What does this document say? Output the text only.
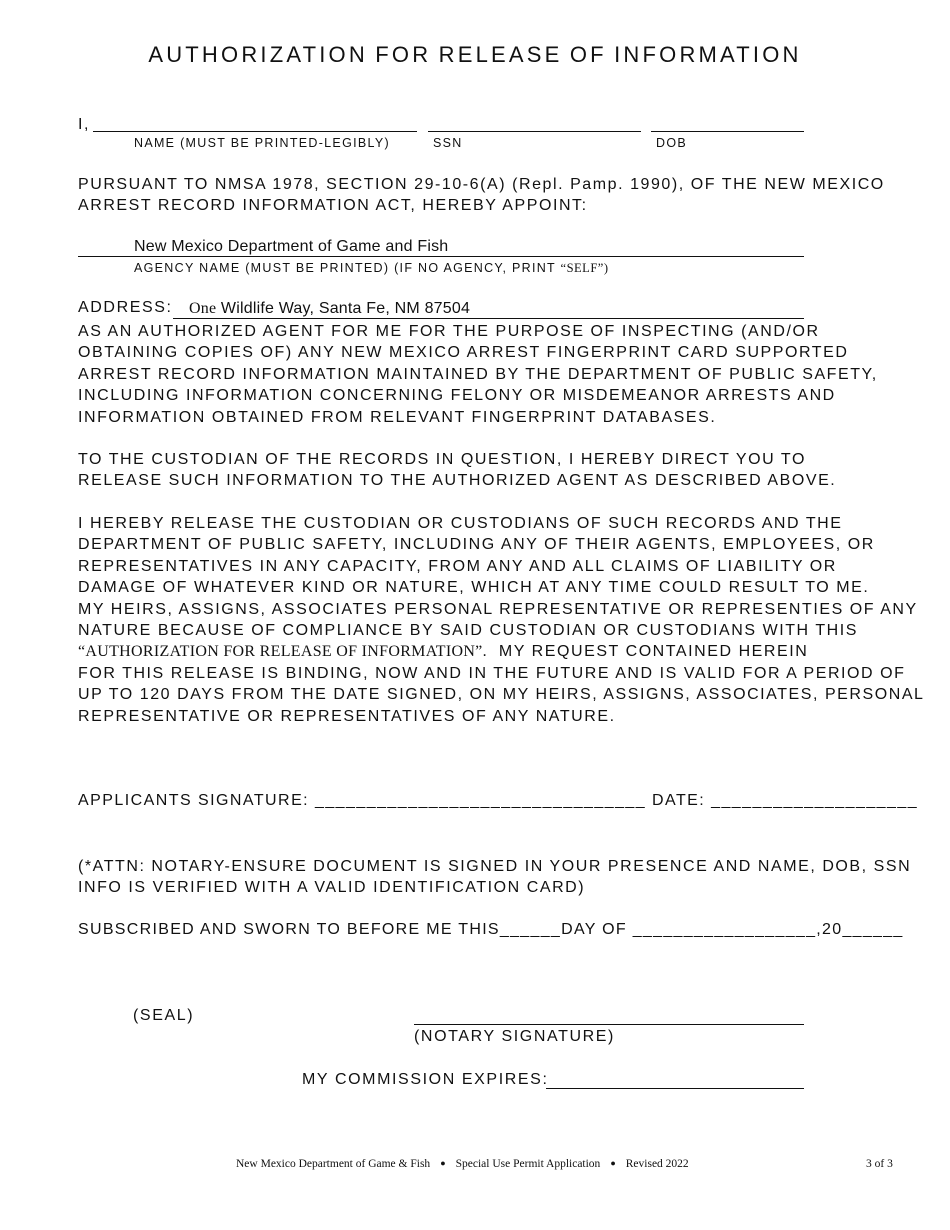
AUTHORIZATION FOR RELEASE OF INFORMATION
I,
NAME (MUST BE PRINTED-LEGIBLY)	SSN	DOB
PURSUANT TO NMSA 1978, SECTION 29-10-6(A) (Repl. Pamp. 1990), OF THE NEW MEXICO
ARREST RECORD INFORMATION ACT, HEREBY APPOINT:
New Mexico Department of Game and Fish
AGENCY NAME (MUST BE PRINTED) (IF NO AGENCY, PRINT “SELF”)
ADDRESS: One Wildlife Way, Santa Fe, NM 87504
AS AN AUTHORIZED AGENT FOR ME FOR THE PURPOSE OF INSPECTING (AND/OR
OBTAINING COPIES OF) ANY NEW MEXICO ARREST FINGERPRINT CARD SUPPORTED
ARREST RECORD INFORMATION MAINTAINED BY THE DEPARTMENT OF PUBLIC SAFETY,
INCLUDING INFORMATION CONCERNING FELONY OR MISDEMEANOR ARRESTS AND
INFORMATION OBTAINED FROM RELEVANT FINGERPRINT DATABASES.
TO THE CUSTODIAN OF THE RECORDS IN QUESTION, I HEREBY DIRECT YOU TO
RELEASE SUCH INFORMATION TO THE AUTHORIZED AGENT AS DESCRIBED ABOVE.
I HEREBY RELEASE THE CUSTODIAN OR CUSTODIANS OF SUCH RECORDS AND THE
DEPARTMENT OF PUBLIC SAFETY, INCLUDING ANY OF THEIR AGENTS, EMPLOYEES, OR
REPRESENTATIVES IN ANY CAPACITY, FROM ANY AND ALL CLAIMS OF LIABILITY OR
DAMAGE OF WHATEVER KIND OR NATURE, WHICH AT ANY TIME COULD RESULT TO ME.
MY HEIRS, ASSIGNS, ASSOCIATES PERSONAL REPRESENTATIVE OR REPRESENTIES OF ANY
NATURE BECAUSE OF COMPLIANCE BY SAID CUSTODIAN OR CUSTODIANS WITH THIS
“AUTHORIZATION FOR RELEASE OF INFORMATION”.  MY REQUEST CONTAINED HEREIN
FOR THIS RELEASE IS BINDING, NOW AND IN THE FUTURE AND IS VALID FOR A PERIOD OF
UP TO 120 DAYS FROM THE DATE SIGNED, ON MY HEIRS, ASSIGNS, ASSOCIATES, PERSONAL
REPRESENTATIVE OR REPRESENTATIVES OF ANY NATURE.
APPLICANTS SIGNATURE: ________________________________ DATE: ____________________
(*ATTN: NOTARY-ENSURE DOCUMENT IS SIGNED IN YOUR PRESENCE AND NAME, DOB, SSN
INFO IS VERIFIED WITH A VALID IDENTIFICATION CARD)
SUBSCRIBED AND SWORN TO BEFORE ME THIS______DAY OF __________________,20______
(SEAL)
(NOTARY SIGNATURE)
MY COMMISSION EXPIRES:
New Mexico Department of Game & Fish ● Special Use Permit Application ● Revised 2022	3 of 3
